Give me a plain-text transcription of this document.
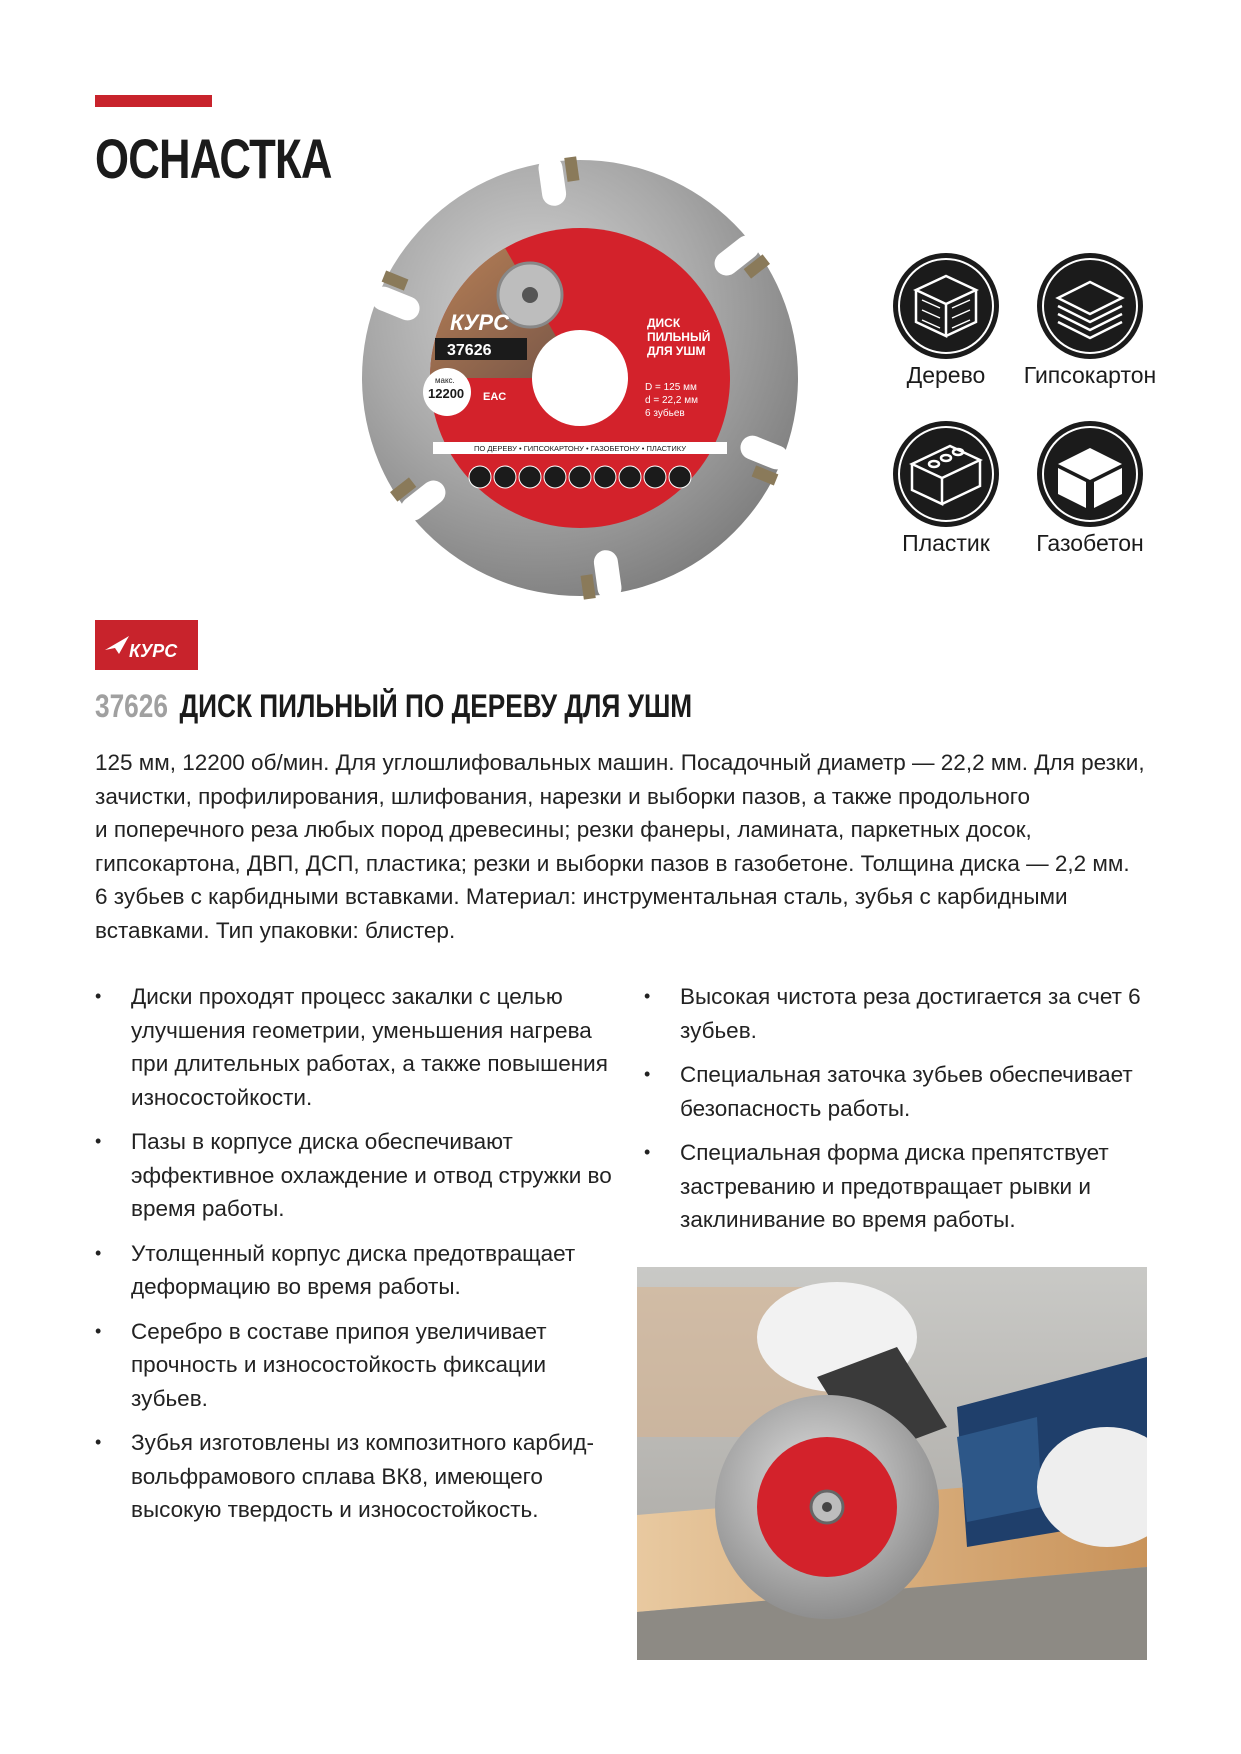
ОСНАСТКА
КУРС
37626
ДИСК
ПИЛЬНЫЙ
ДЛЯ УШМ
D = 125 мм
d = 22,2 мм
6 зубьев
макс.
12200 EAC
ПО ДЕРЕВУ • ГИПСОКАРТОНУ • ГАЗОБЕТОНУ • ПЛАСТИКУ
Дерево	Гипсокартон
Пластик	Газобетон
КУРС
37626 ДИСК ПИЛЬНЫЙ ПО ДЕРЕВУ ДЛЯ УШМ
125 мм, 12200 об/мин. Для углошлифовальных машин. Посадочный диаметр — 22,2 мм. Для резки,
зачистки, профилирования, шлифования, нарезки и выборки пазов, а также продольного
и поперечного реза любых пород древесины; резки фанеры, ламината, паркетных досок,
гипсокартона, ДВП, ДСП, пластика; резки и выборки пазов в газобетоне. Толщина диска — 2,2 мм.
6 зубьев с карбидными вставками. Материал: инструментальная сталь, зубья с карбидными
вставками. Тип упаковки: блистер.
• Диски проходят процесс закалки с целью улучшения геометрии, уменьшения нагрева при длительных работах, а также повышения износостойкости.
• Пазы в корпусе диска обеспечивают эффективное охлаждение и отвод стружки во время работы.
• Утолщенный корпус диска предотвращает деформацию во время работы.
• Серебро в составе припоя увеличивает прочность и износостойкость фиксации зубьев.
• Зубья изготовлены из композитного карбид-вольфрамового сплава ВК8, имеющего высокую твердость и износостойкость.
• Высокая чистота реза достигается за счет 6 зубьев.
• Специальная заточка зубьев обеспечивает безопасность работы.
• Специальная форма диска препятствует застреванию и предотвращает рывки и заклинивание во время работы.
